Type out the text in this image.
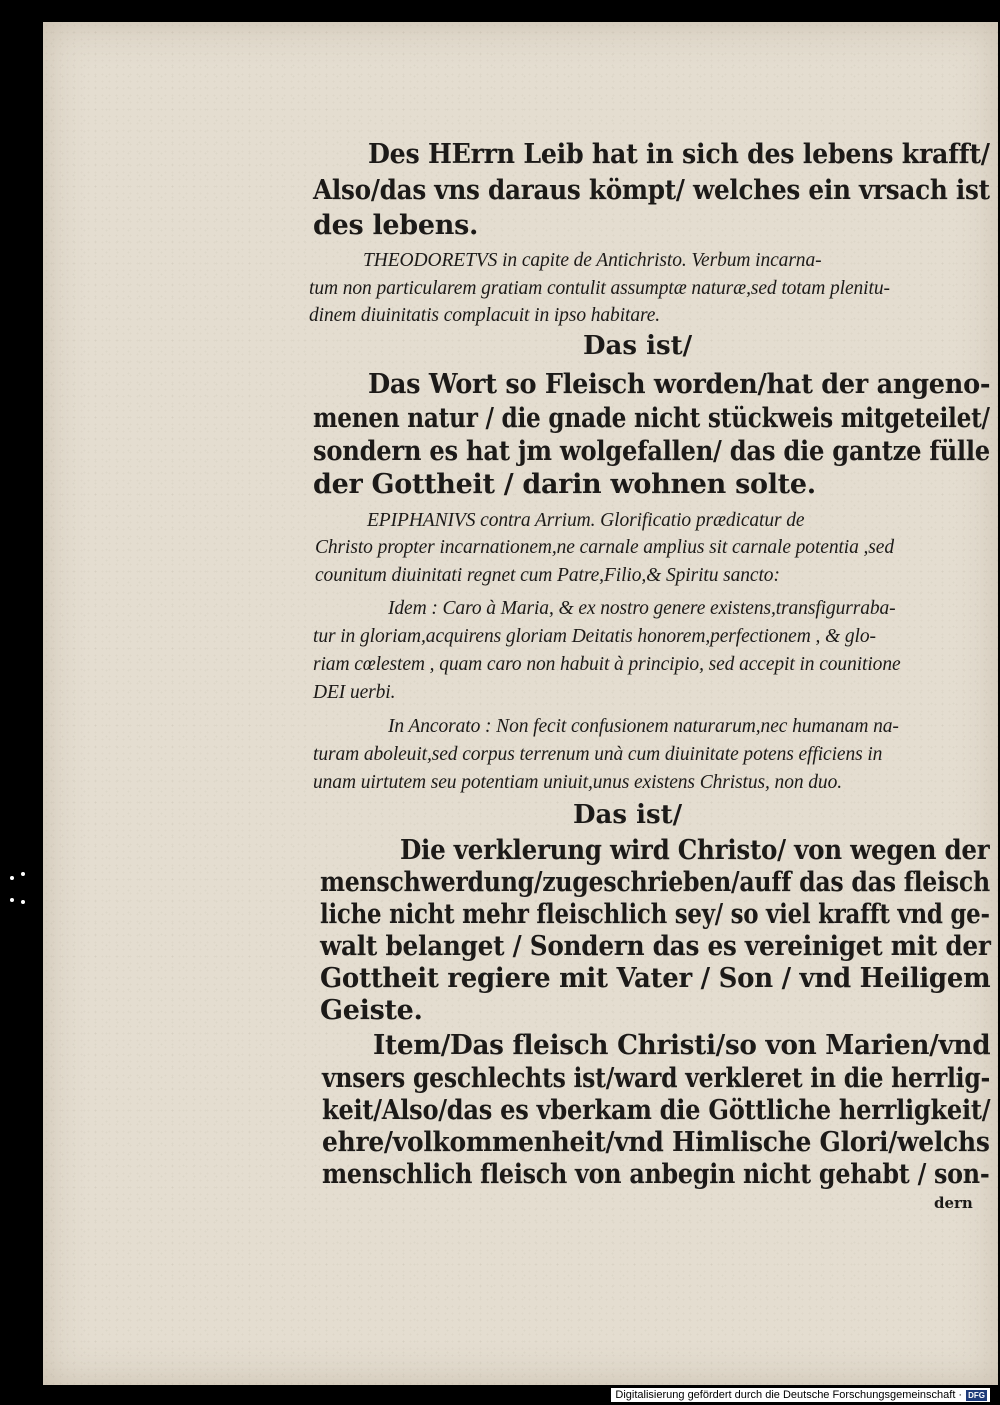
Des HErrn Leib hat in sich des lebens krafft/
Also/das vns daraus kömpt/ welches ein vrsach ist
des lebens.
THEODORETVS in capite de Antichristo. Verbum incarna-
tum non particularem gratiam contulit assumptæ naturæ,sed totam plenitu-
dinem diuinitatis complacuit in ipso habitare.
Das ist/
Das Wort so Fleisch worden/hat der angeno-
menen natur / die gnade nicht stückweis mitgeteilet/
sondern es hat jm wolgefallen/ das die gantze fülle
der Gottheit / darin wohnen solte.
EPIPHANIVS contra Arrium. Glorificatio prædicatur de
Christo propter incarnationem,ne carnale amplius sit carnale potentia ,sed
counitum diuinitati regnet cum Patre,Filio,& Spiritu sancto:
Idem : Caro à Maria, & ex nostro genere existens,transfigurraba-
tur in gloriam,acquirens gloriam Deitatis honorem,perfectionem , & glo-
riam cœlestem , quam caro non habuit à principio, sed accepit in counitione
DEI uerbi.
In Ancorato : Non fecit confusionem naturarum,nec humanam na-
turam aboleuit,sed corpus terrenum unà cum diuinitate potens efficiens in
unam uirtutem seu potentiam uniuit,unus existens Christus, non duo.
Das ist/
Die verklerung wird Christo/ von wegen der
menschwerdung/zugeschrieben/auff das das fleisch
liche nicht mehr fleischlich sey/ so viel krafft vnd ge-
walt belanget / Sondern das es vereiniget mit der
Gottheit regiere mit Vater / Son / vnd Heiligem
Geiste.
Item/Das fleisch Christi/so von Marien/vnd
vnsers geschlechts ist/ward verkleret in die herrlig-
keit/Also/das es vberkam die Göttliche herrligkeit/
ehre/volkommenheit/vnd Himlische Glori/welchs
menschlich fleisch von anbegin nicht gehabt / son-
dern
Digitalisierung gefördert durch die Deutsche Forschungsgemeinschaft · DFG
